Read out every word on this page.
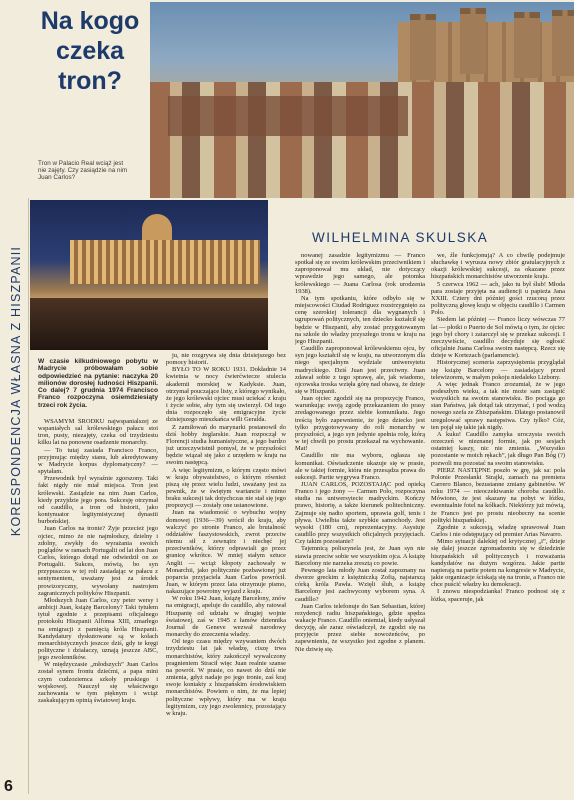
Na kogo czeka tron?
Tron w Palacio Real wciąż jest nie zajęty. Czy zasiądzie na nim Juan Carlos?
KORESPONDENCJA WŁASNA Z HISZPANII
WILHELMINA SKULSKA
W czasie kilkudniowego pobytu w Madrycie próbowałam sobie odpowiedzieć na pytanie: naczyka 20 milionów dorosłej ludności Hiszpanii. Co dalej? 7 grudnia 1974 Francisco Franco rozpoczyna osiemdziesiąty trzeci rok życia.

WSAMYM ŚRODKU najwspanialszej ze wspaniałych sal królewskiego pałacu stoi tron, pusty, niezajęty, czeka od trzydziestu kilku lat na ponowne osadzenie monarchy.

— To tutaj zasiada Francisco Franco, przyjmując między stanu, lub akredytowany w Madrycie korpus dyplomatyczny? — spytałam.

Przewodnik był wyraźnie zgorszony. Taki fakt nigdy nie miał miejsca. Tron jest królewski. Zasiądzie na nim Juan Carlos, kiedy przyjdzie jego pora. Sukcesję otrzymał od caudillo, a tron od historii, jako kontynuator legitymistycznej dynastii burbońskiej.

Juan Carlos na tronie? Żyje przecież jego ojciec, mimo że nie najmłodszy, dzielny i zdolny, zwykły do wyrażania swoich poglądów w ramach Portugalii od lat don Juan Carlos, którego dotąd nie odwiedził on ze Portugalii. Sukces, mówią, bo syn przypuszcza w tej roli zasiadając w pałacu z sentymentem, uważany jest za środek prowizoryczny, wywołany nastrojem zagranicznych polityków Hiszpanii.

Młodszych Juan Carlos, czy peter wersy i ambicji Juan, książę Barcelony? Taki tytułem tytuł zgodnie z przepisami oficjalnego protokołu Hiszpanii Alfonsa XIII, zmarłego na emigracji z pamięcią króla Hiszpanii. Kandydatury dyskutowane są w kołach monarchistycznych jeszcze dziś, gdy te kręgi polityczne i działaczy, uznają jeszcze ABC, jego zwolenników.

W międzyczasie „młodszych” Juan Carlos został synem frontu dziećmi, a papa mini czym cudzoziemca szkoły pruskiego i wojskowej. Nauczył się właściwego zachowania w tym pięknym i wciąż zaskakującym opinią światowej kraju.

ju, nie rozgrywa się dnia dzisiejszego bez pomocy historii.

BYŁO TO W ROKU 1931. Dokładnie 14 kwietnia w nocy ćwierćwiecze stulecia akademii morskiej w Kadyksie. Juan, otrzymał pouczające listy, z którego wynikało, że jego królewski ojciec musi uciekać z kraju i życie sobie, aby tym się uwierzył. Od tego dnia rozpoczęło się emigracyjne życie dzisiejszego mieszkańca willi Geralda.

Z zamiłowań do marynarki postanowił do dziś hobby żeglarskie. Juan rozpoczął w Florencji studia humanistyczne, a jego bardzo już urzeczywistnił pomysł, że w przyszłości będzie wiązał się jako z urzędem w kraju na swoim następcą.

A więc legitymizm, o którym często mówi w kraju obywatelstwo, o którym również piszą się przez wielu ludzi, uważany jest za pewnik, że w świętym wariancie i mimo braku sukcesji tak dotychczas nie stał się jego propozycji — zostały one ustanowione.

Juan na wiadomość o wybuchu wojny domowej (1936—39) wrócił do kraju, aby walczyć po stronie Franco, ale brutalność oddziałów faszystowskich, zwrot przeciw niemu sił z zewnątrz i niechęć jej przeciwników, którzy odprawiali go przez granicę wkrótce. W mniej stałym sztuce Anglii — wciąż kłopoty zachowały w Monarchii, jako politycznie pozbawionej już poparcia przyjaciela Juan Carlos powrócił. Juan, w którym przez lata otrzymuje pismo, nakazujące powrotny wyjazd z kraju.

W roku 1942 Juan, książę Barcelony, znów na emigracji, apeluje do caudillo, aby ratował Hiszpanię od udziału w drugiej wojnie światowej, zaś w 1945 z łamów dziennika Journal de Geneve wezwał narodowy monarchy do zrzeczenia władzy.

Od tego czasu między wzywaniem dwóch trzydziestu lat jak władzę, ciszę trwa monarchistów, który zakończył wywalczony pragnieniem Stracił więc Juan realnie szanse na powrót. W prasie, co nawet do dziś nie zmienia, gdyż nadaje po jego tronie, zaś kraj swoje kontakty z hiszpańskim środowiskiem monarchistów. Powiem o nim, że ma lepiej polityczne wpływy, który ma w kraju legitymizm, czy jego zwolennicy, pozostający w kraju.

nowanej zasadzie legitymizmu — Franco spotkał się ze swoim królewskim przeciwnikiem i zaproponował mu układ, nie dotyczący wprawdzie jego samego, ale potomka królewskiego — Juana Carlosa (rok urodzenia 1938).

Na tym spotkaniu, które odbyło się w miejscowości Ciudad Rodriguez rozstrzygnięto za cenę szerokiej tolerancji dla wygnanych i ugrupowań politycznych, ten dziecko kształcił się będzie w Hiszpanii, aby zostać przygotowanym na szkole do władzy przyszłego tronu w kraju na jego Hiszpanii.

Caudillo zaproponował królewskiemu ojcu, by syn jego kształcił się w kraju, na utworzonym dla niego specjalnym wydziale uniwersytetu madryckiego. Dziś Juan jest przeciwny. Juan zdawał sobie z tego sprawę, ale, jak wiadomo, ojcowska troska wzięła górę nad obawą, że dzieje się w Hiszpanii.

Juan ojciec zgodził się na propozycję Franco, warunkując swoją zgodę przekazaniem do prasy zredagowanego przez siebie komunikatu. Jego treścią było zapewnienie, że jego dziecko jest tylko przygotowywany do roli monarchy w przyszłości, a jego syn jedynie spełnia rolę, którą w tej chwili po prostu przekazał na wychowanie. Mat!

Caudillo nie ma wyboru, ogłasza się komunikat. Oświadczenie ukazuje się w prasie, ale w takiej formie, która nie przesądza prawa do sukcesji. Partie wygrywa Franco.

JUAN CARLOS, POZOSTAJĄC pod opieką Franco i jego żony — Carmen Polo, rozpoczyna studia na uniwersytecie madryckim. Kończy prawo, historię, a także kierunek politechniczny. Zajmuje się nadto sportem, uprawia golf, tenis i pływa. Uwielbia także szybkie samochody. Jest wysoki (180 cm), reprezentacyjny. Asystuje caudillo przy wszystkich oficjalnych przyjęciach. Czy takim pozostanie?

Tajemnicą poliszynela jest, że Juan syn nie stawia przeciw sobie we wszystkim ojca. A książę Barcelony nie narzeka zresztą co powie.

Pewnego lata młody Juan został zapoznany na dworze greckim z księżniczką Zofią, najstarszą córką króla Pawła. Wzięli ślub, a książę Barcelony jest zachwycony wyborem syna. A caudillo?

Juan Carlos telefonuje do San Sebastian, której rezydencji radiu hiszpańskiego, gdzie spędza wakacje Franco. Caudillo oniemiał, kiedy usłyszał decyzję, ale zaraz oświadczył, że zgodzi się na przyjęcie przez siebie nowożeńców, po zapewnieniu, że wszystko jest zgodne z planem. Nie dziwię się.

we, źle funkcjonują? A co chwilę podejmuje słuchawkę i wyrusza nowy zbiór gratulacyjnych z okazji królewskiej sukcesji, za okazane przez hiszpańskich monarchistów utworzenie kraju.

5 czerwca 1962 — ach, jako tu był ślub! Młoda para zostaje przyjęta na audiencji u papieża Jana XXIII. Cztery dni później gości rzuconą przez polityczną głowę kraju w objęciu caudillo i Carmen Polo.

Siedem lat później — Franco liczy wówczas 77 lat — płotki o Puerto de Sol mówią o tym, że ojciec jego był chory i zatarczył się w przekaz sukcesji. I rzeczywiście, caudillo decyduje się ogłosić oficjalnie Juana Carlosa swoim następcą. Rzecz się dzieje w Kortezach (parlamencie).

Historycznej sceneria zaprzysiężenia przyglądał się książę Barcelony — zasiadający przed telewizorem, w małym pokoju niedaleko Lizbony.

A więc jednak Franco zrozumiał, że w jego podeszłym wieku, a tak nie może sam zastąpić wszystkich na swoim stanowisku. Bo pociąga go stan Państwa, jak dotąd tak utrzymać, i pod wodzą nowego szefa ze Zhiszpańskim. Dlatego postanowił uregulować sprawy następstwa. Czy tylko? Cóż, ten pojął się takie jak nigdy.

A kuku! Caudillo zamyka uroczysta swoich orzeczeń w nieznanej formie, jak po sesjach ostatniej kaszy, nic nie zmienia. „Wszystko pozostanie w moich rękach”, jak długo Pan Bóg (?) pozwoli mu pozostać na swoim stanowisku.

PIERZ NASTĘPNE poszło w grę, jak sa: pola Polonie Przesłanki Strajki, zamach na premiera Carrero Blanco, bezustanne zmiany gabinetów. W roku 1974 — nieoczekiwanie choroba caudillo. Mówiono, że jest skazany na pobyt w łóżku, ewentualnie fotel na kółkach. Niektórzy już mówią, że Franco jest po prostu nieobecny na scenie polityki hiszpańskiej.

Zgodnie z sukcesją, władzę sprawował Juan Carlos i nie odstępujący od premier Arias Navarro.

Mimo sytuacji dalekiej od krytycznej „i”, dzieje się dalej jeszcze zgromadzeniu się w dziedzinie hiszpańskich sił politycznych i rozważania kandydatów na dużym wzgórzu. Jakie partie napierają na partie potem na kongresie w Madrycie, jakie organizacje ściskają się na tronie, a Franco nie chce puścić władzy ku demokracji.

I znowu niespodzianka! Franco podnosi się z łóżka, spaceruje, jak

6
